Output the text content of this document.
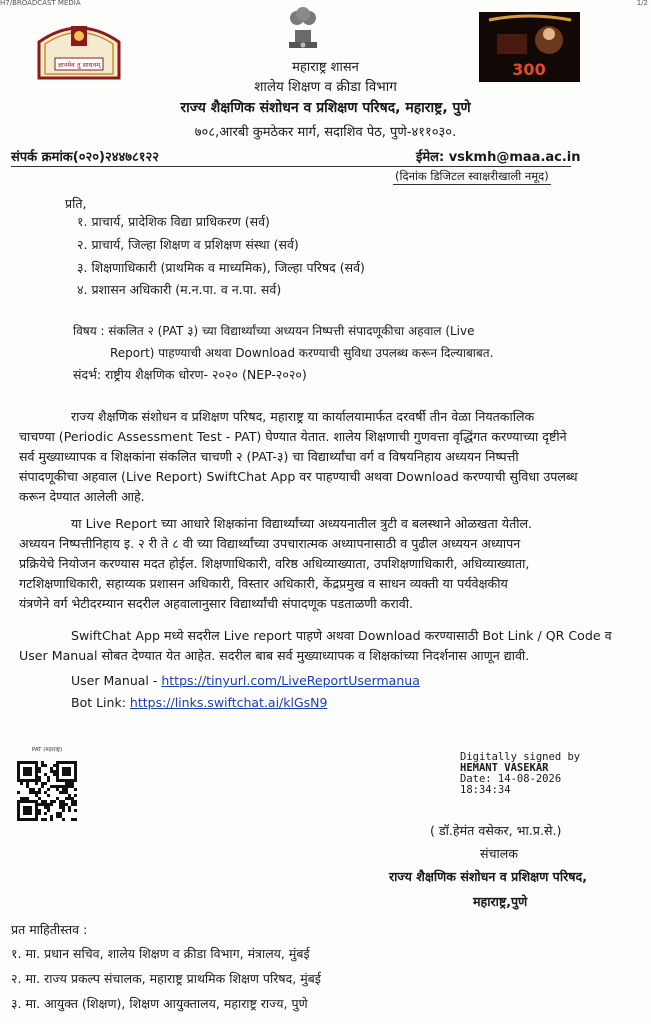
H7/BROADCAST MEDIA	1/2
ज्ञानमेव तु साधनम्	300
महाराष्ट्र शासन
शालेय शिक्षण व क्रीडा विभाग
राज्य शैक्षणिक संशोधन व प्रशिक्षण परिषद, महाराष्ट्र, पुणे
७०८,आरबी कुमठेकर मार्ग, सदाशिव पेठ, पुणे-४११०३०.
संपर्क क्रमांक(०२०)२४४७८१२२	ईमेल: vskmh@maa.ac.in
(दिनांक डिजिटल स्वाक्षरीखाली नमूद)
प्रति,
१. प्राचार्य, प्रादेशिक विद्या प्राधिकरण (सर्व)
२. प्राचार्य, जिल्हा शिक्षण व प्रशिक्षण संस्था (सर्व)
३. शिक्षणाधिकारी (प्राथमिक व माध्यमिक), जिल्हा परिषद (सर्व)
४. प्रशासन अधिकारी (म.न.पा. व न.पा. सर्व)
विषय : संकलित २ (PAT ३) च्या विद्यार्थ्यांच्या अध्ययन निष्पत्ती संपादणूकीचा अहवाल (Live
Report) पाहण्याची अथवा Download करण्याची सुविधा उपलब्ध करून दिल्याबाबत.
संदर्भ: राष्ट्रीय शैक्षणिक धोरण- २०२० (NEP-२०२०)

राज्य शैक्षणिक संशोधन व प्रशिक्षण परिषद, महाराष्ट्र या कार्यालयामार्फत दरवर्षी तीन वेळा नियतकालिक

चाचण्या (Periodic Assessment Test - PAT) घेण्यात येतात. शालेय शिक्षणाची गुणवत्ता वृद्धिंगत करण्याच्या दृष्टीने

सर्व मुख्याध्यापक व शिक्षकांना संकलित चाचणी २ (PAT-३) चा विद्यार्थ्यांचा वर्ग व विषयनिहाय अध्ययन निष्पत्ती

संपादणूकीचा अहवाल (Live Report) SwiftChat App वर पाहण्याची अथवा Download करण्याची सुविधा उपलब्ध

करून देण्यात आलेली आहे.

या Live Report च्या आधारे शिक्षकांना विद्यार्थ्यांच्या अध्ययनातील त्रुटी व बलस्थाने ओळखता येतील.

अध्ययन निष्पत्तीनिहाय इ. २ री ते ८ वी च्या विद्यार्थ्यांच्या उपचारात्मक अध्यापनासाठी व पुढील अध्ययन अध्यापन

प्रक्रियेचे नियोजन करण्यास मदत होईल. शिक्षणाधिकारी, वरिष्ठ अधिव्याख्याता, उपशिक्षणाधिकारी, अधिव्याख्याता,

गटशिक्षणाधिकारी, सहाय्यक प्रशासन अधिकारी, विस्तार अधिकारी, केंद्रप्रमुख व साधन व्यक्ती या पर्यवेक्षकीय

यंत्रणेने वर्ग भेटीदरम्यान सदरील अहवालानुसार विद्यार्थ्यांची संपादणूक पडताळणी करावी.

SwiftChat App मध्ये सदरील Live report पाहणे अथवा Download करण्यासाठी Bot Link / QR Code व

User Manual सोबत देण्यात येत आहेत. सदरील बाब सर्व मुख्याध्यापक व शिक्षकांच्या निदर्शनास आणून द्यावी.

User Manual - https://tinyurl.com/LiveReportUsermanua
Bot Link: https://links.swiftchat.ai/klGsN9
PAT (महाराष्ट्र)
Digitally signed by
HEMANT VASEKAR
Date: 14-08-2026
18:34:34
( डॉ.हेमंत वसेकर, भा.प्र.से.)
संचालक
राज्य शैक्षणिक संशोधन व प्रशिक्षण परिषद,
महाराष्ट्र,पुणे
प्रत माहितीस्तव :
१. मा. प्रधान सचिव, शालेय शिक्षण व क्रीडा विभाग, मंत्रालय, मुंबई
२. मा. राज्य प्रकल्प संचालक, महाराष्ट्र प्राथमिक शिक्षण परिषद, मुंबई
३. मा. आयुक्त (शिक्षण), शिक्षण आयुक्तालय, महाराष्ट्र राज्य, पुणे
